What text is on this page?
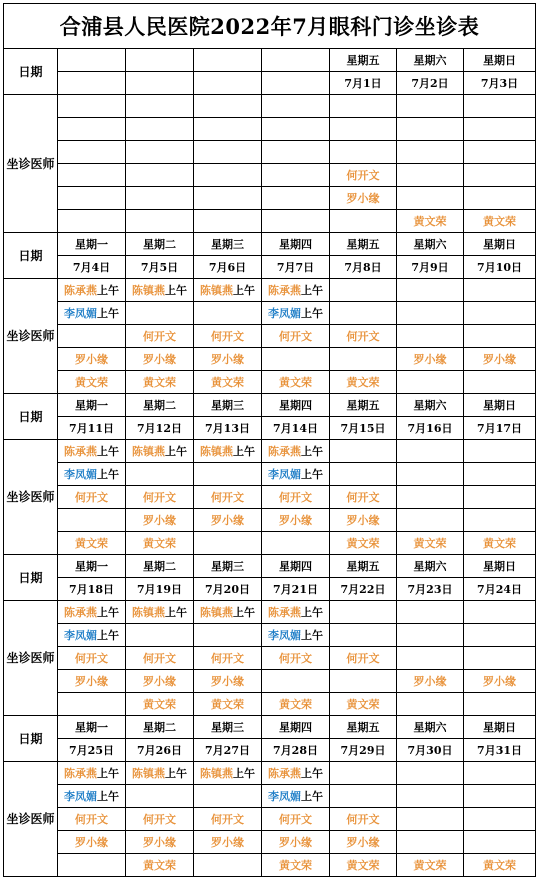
合浦县人民医院2022年7月眼科门诊坐诊表							
日期					星期五	星期六	星期日
					7月1日	7月2日	7月3日
坐诊医师							

					何开文		
					罗小缘		
						黄文荣	黄文荣
日期	星期一	星期二	星期三	星期四	星期五	星期六	星期日
	7月4日	7月5日	7月6日	7月7日	7月8日	7月9日	7月10日
坐诊医师	陈承燕上午	陈镇燕上午	陈镇燕上午	陈承燕上午			
	李凤媚上午			李凤媚上午			
		何开文	何开文	何开文	何开文		
	罗小缘	罗小缘	罗小缘			罗小缘	罗小缘
	黄文荣	黄文荣	黄文荣	黄文荣	黄文荣		
日期	星期一	星期二	星期三	星期四	星期五	星期六	星期日
	7月11日	7月12日	7月13日	7月14日	7月15日	7月16日	7月17日
坐诊医师	陈承燕上午	陈镇燕上午	陈镇燕上午	陈承燕上午			
	李凤媚上午			李凤媚上午			
	何开文	何开文	何开文	何开文	何开文		
		罗小缘	罗小缘	罗小缘	罗小缘		
	黄文荣	黄文荣			黄文荣	黄文荣	黄文荣
日期	星期一	星期二	星期三	星期四	星期五	星期六	星期日
	7月18日	7月19日	7月20日	7月21日	7月22日	7月23日	7月24日
坐诊医师	陈承燕上午	陈镇燕上午	陈镇燕上午	陈承燕上午			
	李凤媚上午			李凤媚上午			
	何开文	何开文	何开文	何开文	何开文		
	罗小缘	罗小缘	罗小缘			罗小缘	罗小缘
		黄文荣	黄文荣	黄文荣	黄文荣		
日期	星期一	星期二	星期三	星期四	星期五	星期六	星期日
	7月25日	7月26日	7月27日	7月28日	7月29日	7月30日	7月31日
坐诊医师	陈承燕上午	陈镇燕上午	陈镇燕上午	陈承燕上午			
	李凤媚上午			李凤媚上午			
	何开文	何开文	何开文	何开文	何开文		
	罗小缘	罗小缘	罗小缘	罗小缘	罗小缘		
		黄文荣		黄文荣	黄文荣	黄文荣	黄文荣
